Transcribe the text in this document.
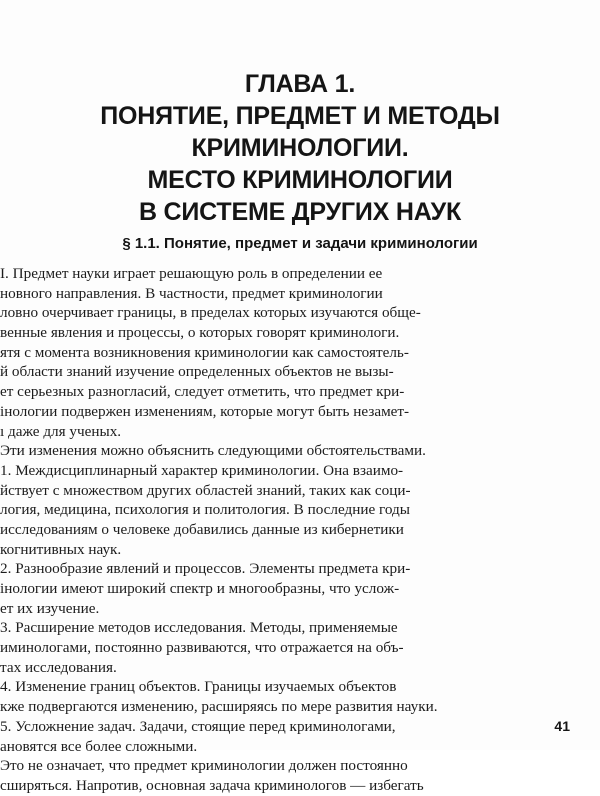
ГЛАВА 1.
ПОНЯТИЕ, ПРЕДМЕТ И МЕТОДЫ
КРИМИНОЛОГИИ.
МЕСТО КРИМИНОЛОГИИ
В СИСТЕМЕ ДРУГИХ НАУК
§ 1.1. Понятие, предмет и задачи криминологии
I. Предмет науки играет решающую роль в определении ее
новного направления. В частности, предмет криминологии
ловно очерчивает границы, в пределах которых изучаются обще-
венные явления и процессы, о которых говорят криминологи.
ятя с момента возникновения криминологии как самостоятель-
й области знаний изучение определенных объектов не вызы-
ет серьезных разногласий, следует отметить, что предмет кри-
інологии подвержен изменениям, которые могут быть незамет-
ı даже для ученых.
Эти изменения можно объяснить следующими обстоятельствами.
1. Междисциплинарный характер криминологии. Она взаимо-
йствует с множеством других областей знаний, таких как соци-
логия, медицина, психология и политология. В последние годы
исследованиям о человеке добавились данные из кибернетики
когнитивных наук.
2. Разнообразие явлений и процессов. Элементы предмета кри-
інологии имеют широкий спектр и многообразны, что услож-
ет их изучение.
3. Расширение методов исследования. Методы, применяемые
иминологами, постоянно развиваются, что отражается на объ-
тах исследования.
4. Изменение границ объектов. Границы изучаемых объектов
кже подвергаются изменению, расширяясь по мере развития науки.
5. Усложнение задач. Задачи, стоящие перед криминологами,
ановятся все более сложными.
Это не означает, что предмет криминологии должен постоянно
сширяться. Напротив, основная задача криминологов — избегать
41
